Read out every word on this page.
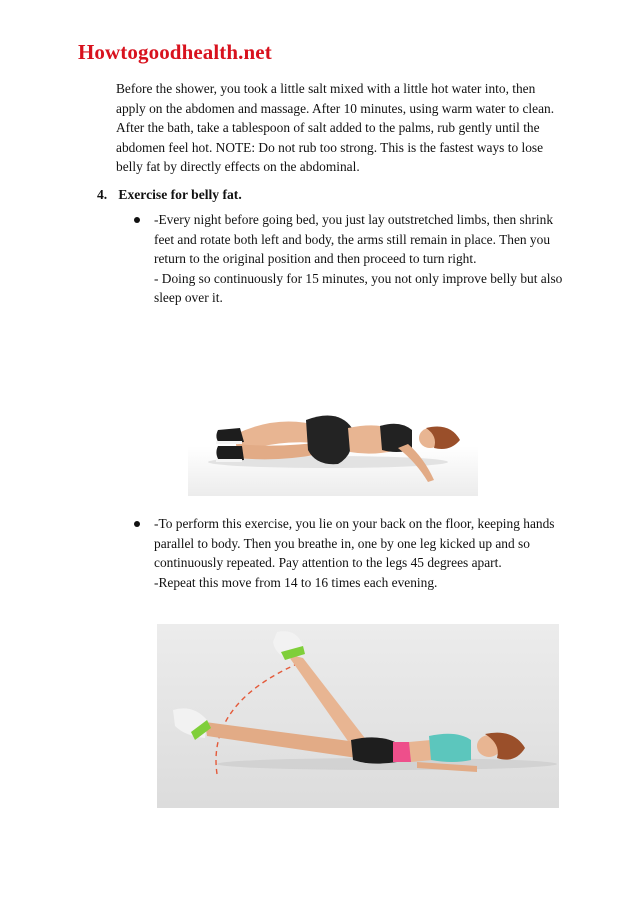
Howtogoodhealth.net
Before the shower, you took a little salt mixed with a little hot water into, then apply on the abdomen and massage. After 10 minutes, using warm water to clean. After the bath, take a tablespoon of salt added to the palms, rub gently until the abdomen feel hot. NOTE: Do not rub too strong. This is the fastest ways to lose belly fat by directly effects on the abdominal.
4. Exercise for belly fat.

-Every night before going bed, you just lay outstretched limbs, then shrink feet and rotate both left and body, the arms still remain in place. Then you return to the original position and then proceed to turn right.

- Doing so continuously for 15 minutes, you not only improve belly but also sleep over it.

-To perform this exercise, you lie on your back on the floor, keeping hands parallel to body. Then you breathe in, one by one leg kicked up and so continuously repeated. Pay attention to the legs 45 degrees apart.

-Repeat this move from 14 to 16 times each evening.
